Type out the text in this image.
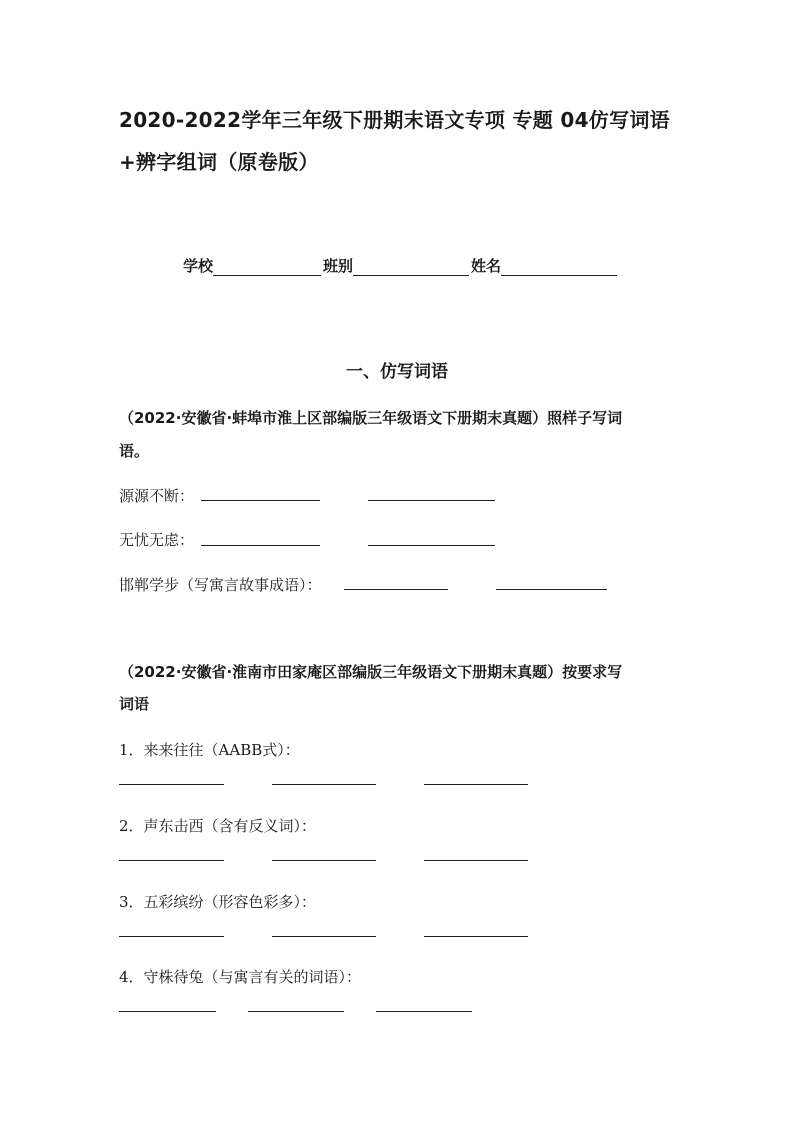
2020-2022学年三年级下册期末语文专项 专题 04仿写词语
+辨字组词（原卷版）
学校	班别	姓名
一、仿写词语
（2022·安徽省·蚌埠市淮上区部编版三年级语文下册期末真题）照样子写词
语。
源源不断：
无忧无虑：
邯郸学步（写寓言故事成语）：
（2022·安徽省·淮南市田家庵区部编版三年级语文下册期末真题）按要求写
词语
1．来来往往（AABB式）：
2．声东击西（含有反义词）：
3．五彩缤纷（形容色彩多）：
4．守株待兔（与寓言有关的词语）：
